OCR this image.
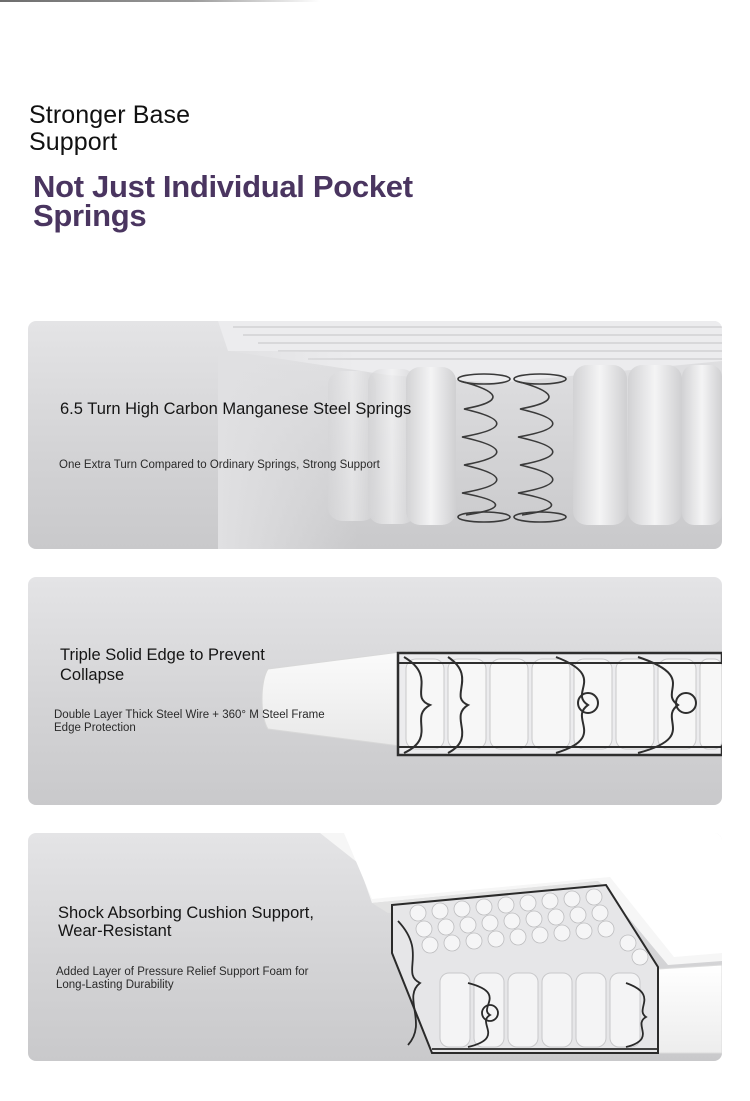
Stronger Base
Support
Not Just Individual Pocket
Springs
6.5 Turn High Carbon Manganese Steel Springs

One Extra Turn Compared to Ordinary Springs, Strong Support

Triple Solid Edge to Prevent
Collapse

Double Layer Thick Steel Wire + 360° M Steel Frame
Edge Protection

Shock Absorbing Cushion Support,
Wear-Resistant

Added Layer of Pressure Relief Support Foam for
Long-Lasting Durability
